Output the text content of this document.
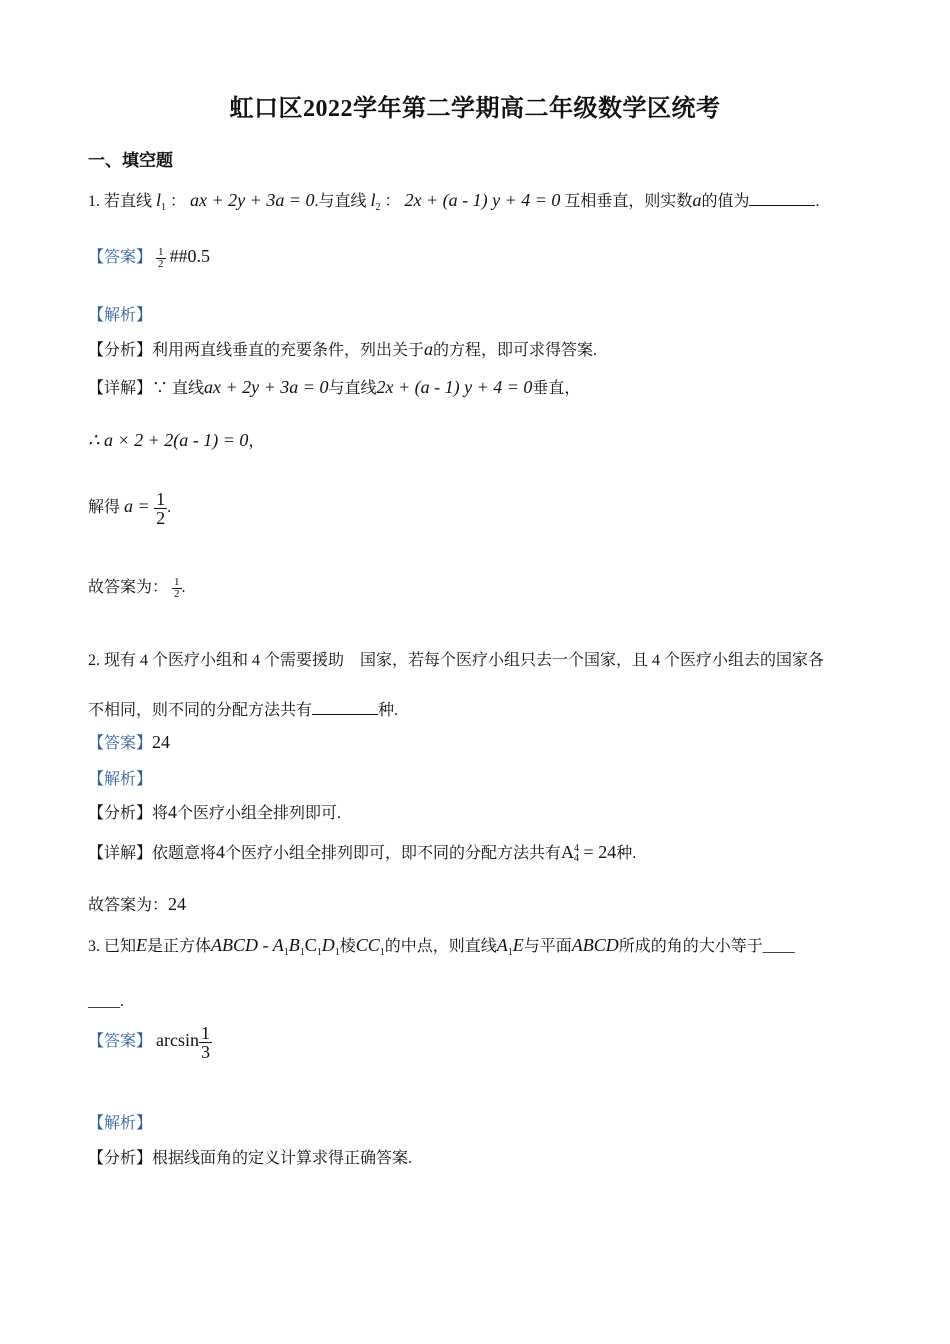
虹口区2022学年第二学期高二年级数学区统考
一、填空题
1. 若直线 $l_1$ ： ax + 2y + 3a = 0.与直线 $l_2$ ： 2x + (a - 1) y + 4 = 0 互相垂直，则实数a的值为	.
【答案】 $\frac{1}{2}$ ##0.5
【解析】
【分析】利用两直线垂直的充要条件，列出关于a的方程，即可求得答案.
【详解】∵ 直线ax + 2y + 3a = 0与直线2x + (a - 1) y + 4 = 0垂直，
∴ a × 2 + 2(a - 1) = 0，
解得 $a = \frac{1}{2}$ .
故答案为： $\frac{1}{2}$ .
2. 现有 4 个医疗小组和 4 个需要援助　国家，若每个医疗小组只去一个国家，且 4 个医疗小组去的国家各
不相同，则不同的分配方法共有	种.
【答案】24
【解析】
【分析】将4个医疗小组全排列即可.
【详解】依题意将4个医疗小组全排列即可，即不同的分配方法共有A 4
4 = 24种.
故答案为：24
3. 已知E是正方体ABCD - $A_1B_1C_1D_1$棱$CC_1$的中点，则直线$A_1E$与平面ABCD所成的角的大小等于____
____.
【答案】 $\arcsin \frac{1}{3}$
【解析】
【分析】根据线面角的定义计算求得正确答案.
